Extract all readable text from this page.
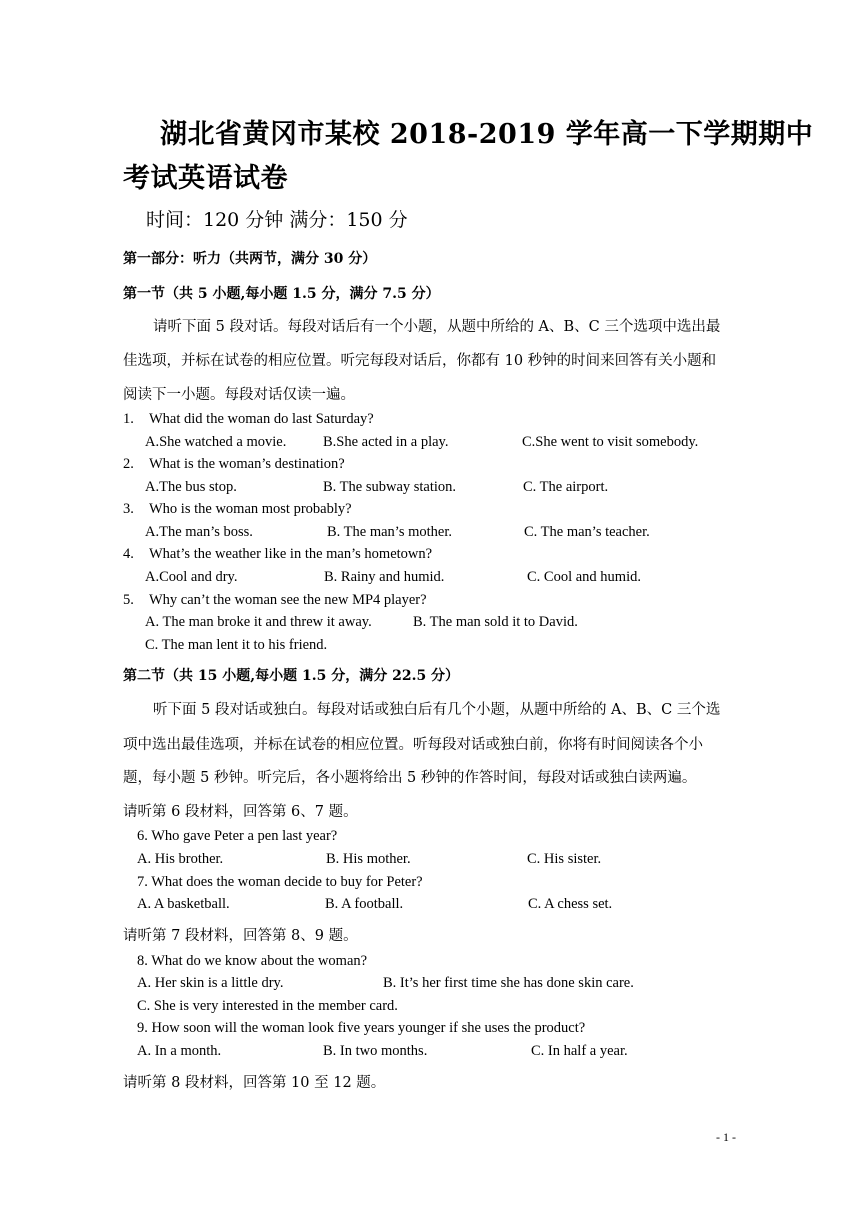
湖北省黄冈市某校 2018-2019 学年高一下学期期中
考试英语试卷
时间：120 分钟 满分：150 分
第一部分：听力（共两节，满分 30 分）
第一节（共 5 小题,每小题 1.5 分，满分 7.5 分）
请听下面 5 段对话。每段对话后有一个小题，从题中所给的 A、B、C 三个选项中选出最
佳选项，并标在试卷的相应位置。听完每段对话后，你都有 10 秒钟的时间来回答有关小题和
阅读下一小题。每段对话仅读一遍。
1. What did the woman do last Saturday?
A.She watched a movie.	B.She acted in a play.	C.She went to visit somebody.
2. What is the woman’s destination?
A.The bus stop.	B. The subway station.	C. The airport.
3. Who is the woman most probably?
A.The man’s boss.	B. The man’s mother.	C. The man’s teacher.
4. What’s the weather like in the man’s hometown?
A.Cool and dry.	B. Rainy and humid.	C. Cool and humid.
5. Why can’t the woman see the new MP4 player?
A. The man broke it and threw it away.	B. The man sold it to David.
C. The man lent it to his friend.
第二节（共 15 小题,每小题 1.5 分，满分 22.5 分）
听下面 5 段对话或独白。每段对话或独白后有几个小题，从题中所给的 A、B、C 三个选
项中选出最佳选项，并标在试卷的相应位置。听每段对话或独白前，你将有时间阅读各个小
题，每小题 5 秒钟。听完后，各小题将给出 5 秒钟的作答时间，每段对话或独白读两遍。
请听第 6 段材料，回答第 6、7 题。
6. Who gave Peter a pen last year?
A. His brother.	B. His mother.	C. His sister.
7. What does the woman decide to buy for Peter?
A. A basketball.	B. A football.	C. A chess set.
请听第 7 段材料，回答第 8、9 题。
8. What do we know about the woman?
A. Her skin is a little dry.	B. It’s her first time she has done skin care.
C. She is very interested in the member card.
9. How soon will the woman look five years younger if she uses the product?
A. In a month.	B. In two months.	C. In half a year.
请听第 8 段材料，回答第 10 至 12 题。
- 1 -
